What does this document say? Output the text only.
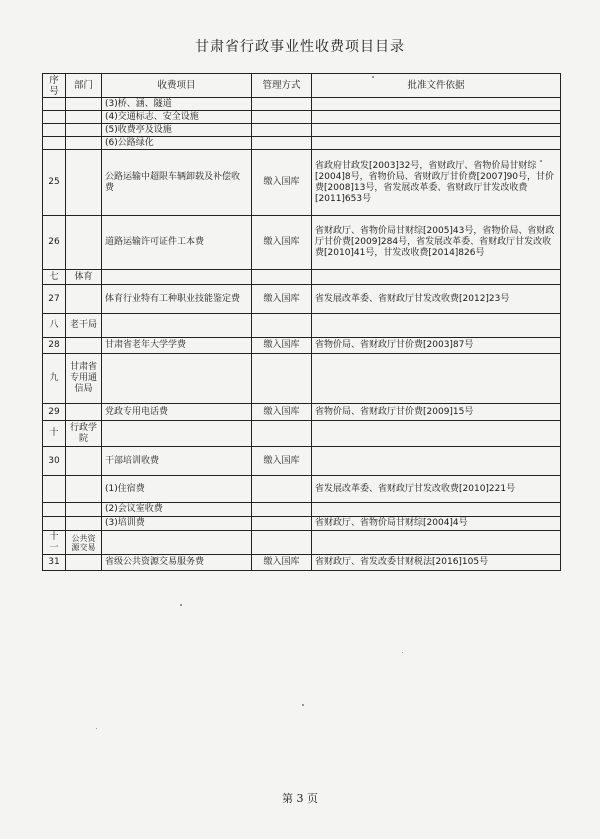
甘肃省行政事业性收费项目目录
序号	部门	收费项目	管理方式	批准文件依据
		(3)桥、涵、隧道		
		(4)交通标志、安全设施		
		(5)收费亭及设施		
		(6)公路绿化		
25		公路运输中超限车辆卸载及补偿收费	缴入国库	省政府甘政发[2003]32号，省财政厅、省物价局甘财综[2004]8号，省物价局、省财政厅甘价费[2007]90号，甘价费[2008]13号，省发展改革委、省财政厅甘发改收费[2011]653号
26		道路运输许可证件工本费	缴入国库	省财政厅、省物价局甘财综[2005]43号，省物价局、省财政厅甘价费[2009]284号，省发展改革委、省财政厅甘发改收费[2010]41号，甘发改收费[2014]826号
七	体育			
27		体育行业特有工种职业技能鉴定费	缴入国库	省发展改革委、省财政厅甘发改收费[2012]23号
八	老干局			
28		甘肃省老年大学学费	缴入国库	省物价局、省财政厅甘价费[2003]87号
九	甘肃省专用通信局			
29		党政专用电话费	缴入国库	省物价局、省财政厅甘价费[2009]15号
十	行政学院			
30		干部培训收费	缴入国库	
		(1)住宿费		省发展改革委、省财政厅甘发改收费[2010]221号
		(2)会议室收费		
		(3)培训费		省财政厅、省物价局甘财综[2004]4号
十一	公共资源交易			
31		省级公共资源交易服务费	缴入国库	省财政厅、省发改委甘财税法[2016]105号
第 3 页
